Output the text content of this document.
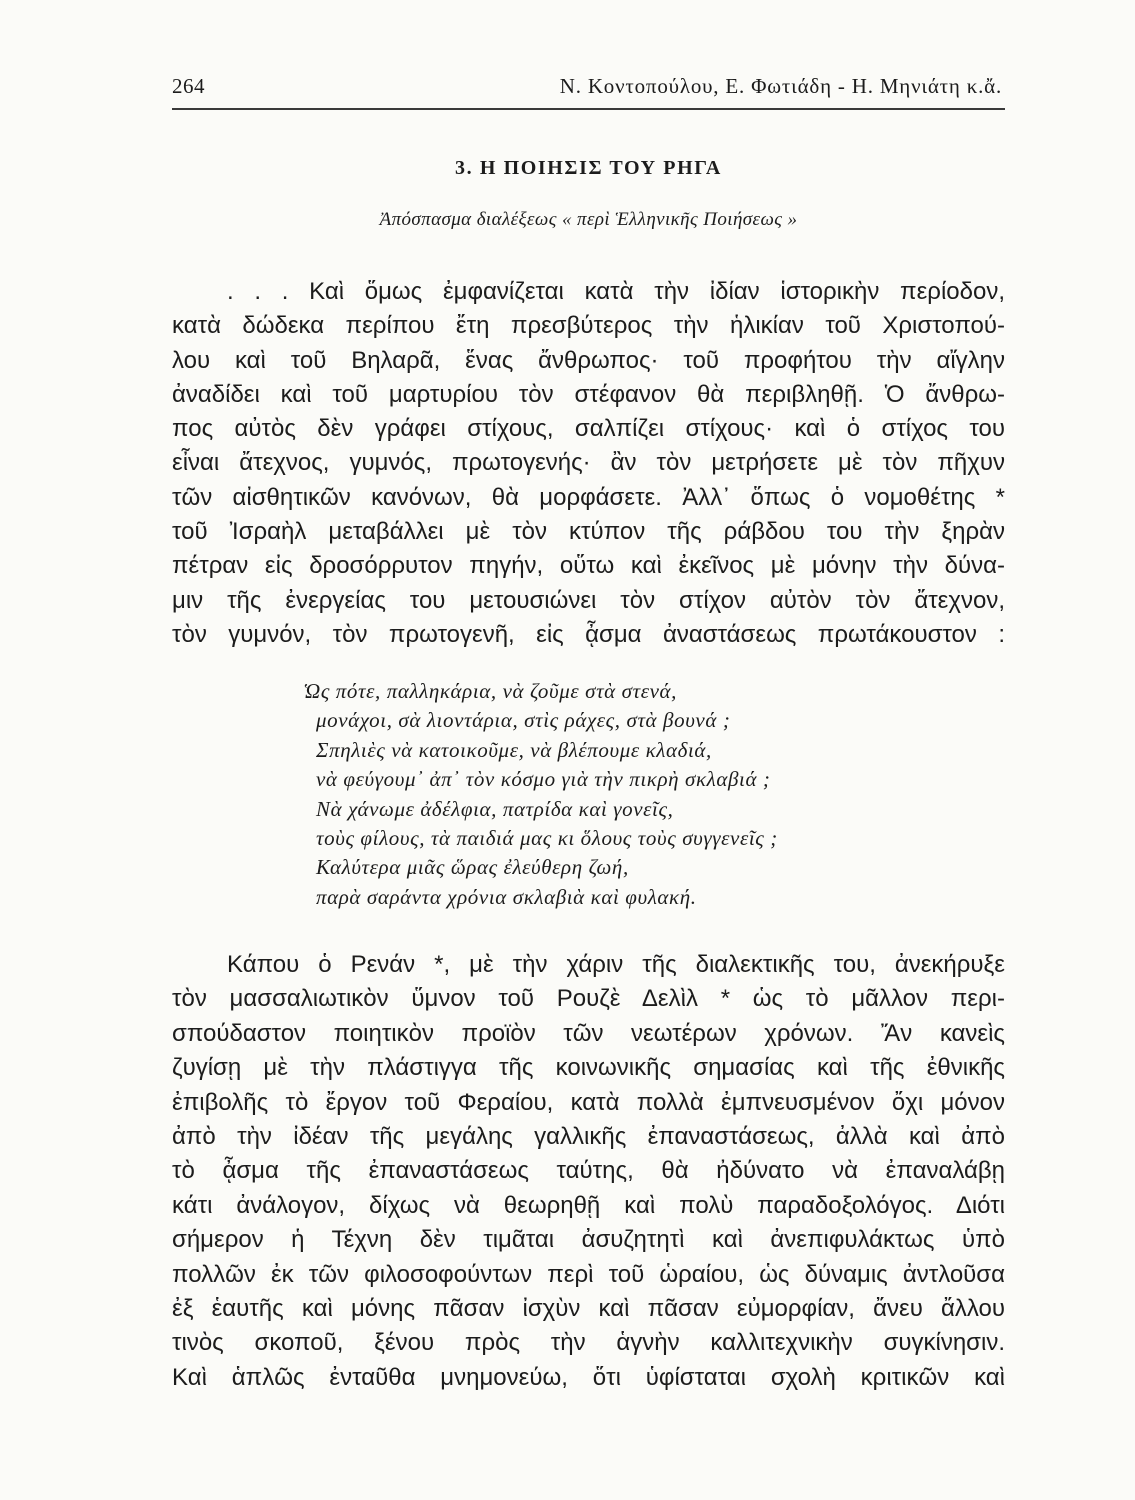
264	Ν. Κοντοπούλου, Ε. Φωτιάδη - Η. Μηνιάτη κ.ἄ.
3. Η ΠΟΙΗΣΙΣ ΤΟΥ ΡΗΓΑ
Ἀπόσπασμα διαλέξεως « περὶ Ἑλληνικῆς Ποιήσεως »
. . . Καὶ ὅμως ἐμφανίζεται κατὰ τὴν ἰδίαν ἱστορικὴν περίοδον,
κατὰ δώδεκα περίπου ἔτη πρεσβύτερος τὴν ἡλικίαν τοῦ Χριστοπού-
λου καὶ τοῦ Βηλαρᾶ, ἕνας ἄνθρωπος· τοῦ προφήτου τὴν αἴγλην
ἀναδίδει καὶ τοῦ μαρτυρίου τὸν στέφανον θὰ περιβληθῇ. Ὁ ἄνθρω-
πος αὐτὸς δὲν γράφει στίχους, σαλπίζει στίχους· καὶ ὁ στίχος του
εἶναι ἄτεχνος, γυμνός, πρωτογενής· ἂν τὸν μετρήσετε μὲ τὸν πῆχυν
τῶν αἰσθητικῶν κανόνων, θὰ μορφάσετε. Ἀλλ᾿ ὅπως ὁ νομοθέτης *
τοῦ Ἰσραὴλ μεταβάλλει μὲ τὸν κτύπον τῆς ράβδου του τὴν ξηρὰν
πέτραν εἰς δροσόρρυτον πηγήν, οὕτω καὶ ἐκεῖνος μὲ μόνην τὴν δύνα-
μιν τῆς ἐνεργείας του μετουσιώνει τὸν στίχον αὐτὸν τὸν ἄτεχνον,
τὸν γυμνόν, τὸν πρωτογενῆ, εἰς ᾆσμα ἀναστάσεως πρωτάκουστον :
Ὡς πότε, παλληκάρια, νὰ ζοῦμε στὰ στενά,
μονάχοι, σὰ λιοντάρια, στὶς ράχες, στὰ βουνά ;
Σπηλιὲς νὰ κατοικοῦμε, νὰ βλέπουμε κλαδιά,
νὰ φεύγουμ᾿ ἀπ᾿ τὸν κόσμο γιὰ τὴν πικρὴ σκλαβιά ;
Νὰ χάνωμε ἀδέλφια, πατρίδα καὶ γονεῖς,
τοὺς φίλους, τὰ παιδιά μας κι ὅλους τοὺς συγγενεῖς ;
Καλύτερα μιᾶς ὥρας ἐλεύθερη ζωή,
παρὰ σαράντα χρόνια σκλαβιὰ καὶ φυλακή.
Κάπου ὁ Ρενάν *, μὲ τὴν χάριν τῆς διαλεκτικῆς του, ἀνεκήρυξε
τὸν μασσαλιωτικὸν ὕμνον τοῦ Ρουζὲ Δελὶλ * ὡς τὸ μᾶλλον περι-
σπούδαστον ποιητικὸν προϊὸν τῶν νεωτέρων χρόνων. Ἄν κανεὶς
ζυγίσῃ μὲ τὴν πλάστιγγα τῆς κοινωνικῆς σημασίας καὶ τῆς ἐθνικῆς
ἐπιβολῆς τὸ ἔργον τοῦ Φεραίου, κατὰ πολλὰ ἐμπνευσμένον ὄχι μόνον
ἀπὸ τὴν ἰδέαν τῆς μεγάλης γαλλικῆς ἐπαναστάσεως, ἀλλὰ καὶ ἀπὸ
τὸ ᾆσμα τῆς ἐπαναστάσεως ταύτης, θὰ ἠδύνατο νὰ ἐπαναλάβῃ
κάτι ἀνάλογον, δίχως νὰ θεωρηθῇ καὶ πολὺ παραδοξολόγος. Διότι
σήμερον ἡ Τέχνη δὲν τιμᾶται ἀσυζητητὶ καὶ ἀνεπιφυλάκτως ὑπὸ
πολλῶν ἐκ τῶν φιλοσοφούντων περὶ τοῦ ὡραίου, ὡς δύναμις ἀντλοῦσα
ἐξ ἑαυτῆς καὶ μόνης πᾶσαν ἰσχὺν καὶ πᾶσαν εὐμορφίαν, ἄνευ ἄλλου
τινὸς σκοποῦ, ξένου πρὸς τὴν ἁγνὴν καλλιτεχνικὴν συγκίνησιν.
Καὶ ἁπλῶς ἐνταῦθα μνημονεύω, ὅτι ὑφίσταται σχολὴ κριτικῶν καὶ
